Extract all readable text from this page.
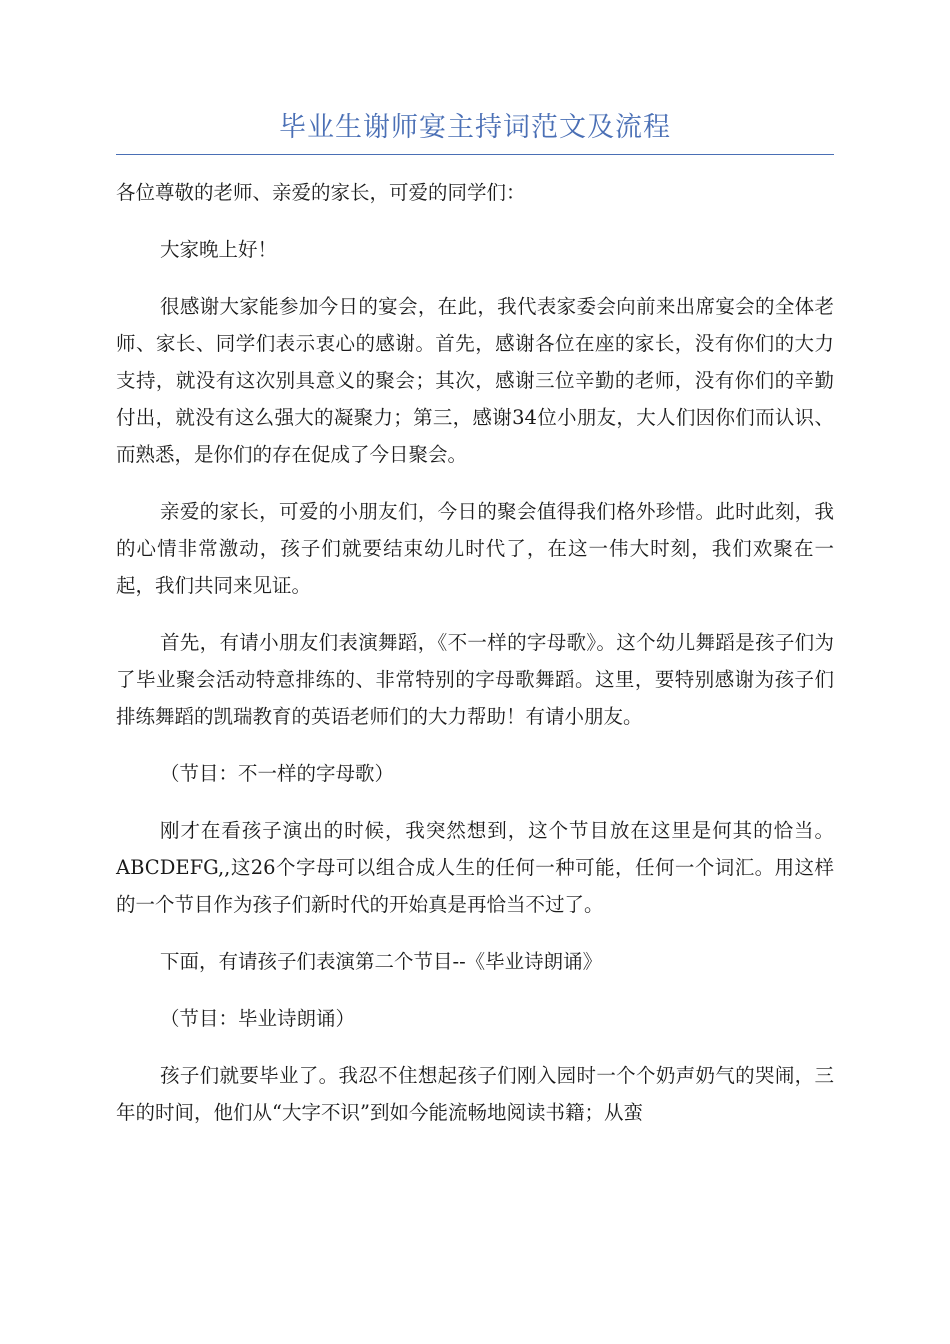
毕业生谢师宴主持词范文及流程

各位尊敬的老师、亲爱的家长，可爱的同学们：

大家晚上好！

很感谢大家能参加今日的宴会，在此，我代表家委会向前来出席宴会的全体老师、家长、同学们表示衷心的感谢。首先，感谢各位在座的家长，没有你们的大力支持，就没有这次别具意义的聚会；其次，感谢三位辛勤的老师，没有你们的辛勤付出，就没有这么强大的凝聚力；第三，感谢34位小朋友，大人们因你们而认识、而熟悉，是你们的存在促成了今日聚会。

亲爱的家长，可爱的小朋友们，今日的聚会值得我们格外珍惜。此时此刻，我的心情非常激动，孩子们就要结束幼儿时代了，在这一伟大时刻，我们欢聚在一起，我们共同来见证。

首先，有请小朋友们表演舞蹈，《不一样的字母歌》。这个幼儿舞蹈是孩子们为了毕业聚会活动特意排练的、非常特别的字母歌舞蹈。这里，要特别感谢为孩子们排练舞蹈的凯瑞教育的英语老师们的大力帮助！有请小朋友。

（节目：不一样的字母歌）

刚才在看孩子演出的时候，我突然想到，这个节目放在这里是何其的恰当。ABCDEFG,,这26个字母可以组合成人生的任何一种可能，任何一个词汇。用这样的一个节目作为孩子们新时代的开始真是再恰当不过了。

下面，有请孩子们表演第二个节目--《毕业诗朗诵》

（节目：毕业诗朗诵）

孩子们就要毕业了。我忍不住想起孩子们刚入园时一个个奶声奶气的哭闹，三年的时间，他们从“大字不识”到如今能流畅地阅读书籍；从蛮
